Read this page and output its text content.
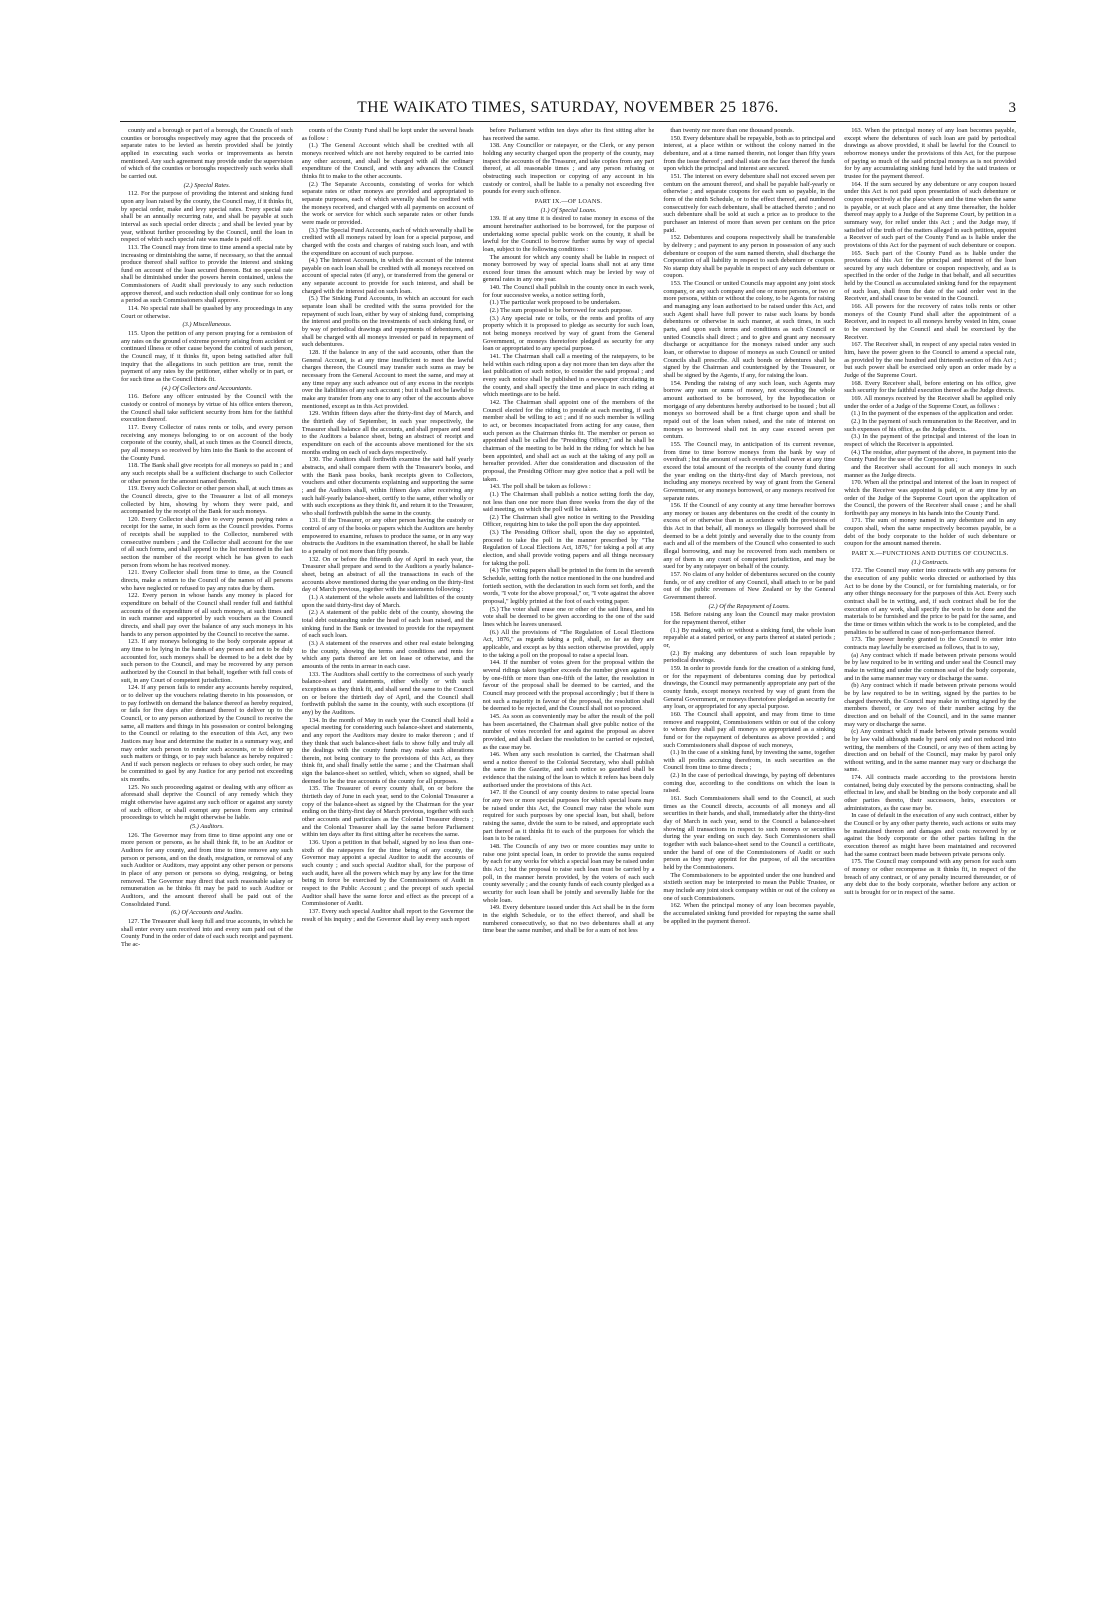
THE WAIKATO TIMES, SATURDAY, NOVEMBER 25 1876.	3

county and a borough or part of a borough, the Councils of such counties or boroughs respectively may agree that the proceeds of separate rates to be levied as herein provided shall be jointly applied in executing such works or improvements as herein mentioned. Any such agreement may provide under the supervision of which of the counties or boroughs respectively such works shall be carried out.

(2.) Special Rates.

112. For the purpose of providing the interest and sinking fund upon any loan raised by the county, the Council may, if it thinks fit, by special order, make and levy special rates. Every special rate shall be an annually recurring rate, and shall be payable at such interval as such special order directs ; and shall be levied year by year, without further proceeding by the Council, until the loan in respect of which such special rate was made is paid off.

113. The Council may from time to time amend a special rate by increasing or diminishing the same, if necessary, so that the annual produce thereof shall suffice to provide the interest and sinking fund on account of the loan secured thereon. But no special rate shall be diminished under the powers herein contained, unless the Commissioners of Audit shall previously to any such reduction approve thereof, and such reduction shall only continue for so long a period as such Commissioners shall approve.

114. No special rate shall be quashed by any proceedings in any Court or otherwise.

(3.) Miscellaneous.

115. Upon the petition of any person praying for a remission of any rates on the ground of extreme poverty arising from accident or continued illness or other cause beyond the control of such person, the Council may, if it thinks fit, upon being satisfied after full inquiry that the allegations in such petition are true, remit the payment of any rates by the petitioner, either wholly or in part, or for such time as the Council think fit.

(4.) Of Collectors and Accountants.

116. Before any officer entrusted by the Council with the custody or control of moneys by virtue of his office enters thereon, the Council shall take sufficient security from him for the faithful execution thereof.

117. Every Collector of rates rents or tolls, and every person receiving any moneys belonging to or on account of the body corporate of the county, shall, at such times as the Council directs, pay all moneys so received by him into the Bank to the account of the County Fund.

118. The Bank shall give receipts for all moneys so paid in ; and any such receipts shall be a sufficient discharge to such Collector or other person for the amount named therein.

119. Every such Collector or other person shall, at such times as the Council directs, give to the Treasurer a list of all moneys collected by him, showing by whom they were paid, and accompanied by the receipt of the Bank for such moneys.

120. Every Collector shall give to every person paying rates a receipt for the same, in such form as the Council provides. Forms of receipts shall be supplied to the Collector, numbered with consecutive numbers ; and the Collector shall account for the use of all such forms, and shall append to the list mentioned in the last section the number of the receipt which he has given to each person from whom he has received money.

121. Every Collector shall from time to time, as the Council directs, make a return to the Council of the names of all persons who have neglected or refused to pay any rates due by them.

122. Every person in whose hands any money is placed for expenditure on behalf of the Council shall render full and faithful accounts of the expenditure of all such moneys, at such times and in such manner and supported by such vouchers as the Council directs, and shall pay over the balance of any such moneys in his hands to any person appointed by the Council to receive the same.

123. If any moneys belonging to the body corporate appear at any time to be lying in the hands of any person and not to be duly accounted for, such moneys shall be deemed to be a debt due by such person to the Council, and may be recovered by any person authorized by the Council in that behalf, together with full costs of suit, in any Court of competent jurisdiction.

124. If any person fails to render any accounts hereby required, or to deliver up the vouchers relating thereto in his possession, or to pay forthwith on demand the balance thereof as hereby required, or fails for five days after demand thereof to deliver up to the Council, or to any person authorized by the Council to receive the same, all matters and things in his possession or control belonging to the Council or relating to the execution of this Act, any two Justices may hear and determine the matter in a summary way, and may order such person to render such accounts, or to deliver up such matters or things, or to pay such balance as hereby required : And if such person neglects or refuses to obey such order, he may be committed to gaol by any Justice for any period not exceeding six months.

125. No such proceeding against or dealing with any officer as aforesaid shall deprive the Council of any remedy which they might otherwise have against any such officer or against any surety of such officer, or shall exempt any person from any criminal proceedings to which he might otherwise be liable.

(5.) Auditors.

126. The Governor may from time to time appoint any one or more person or persons, as he shall think fit, to be an Auditor or Auditors for any county, and from time to time remove any such person or persons, and on the death, resignation, or removal of any such Auditor or Auditors, may appoint any other person or persons in place of any person or persons so dying, resigning, or being removed. The Governor may direct that such reasonable salary or remuneration as he thinks fit may be paid to such Auditor or Auditors, and the amount thereof shall be paid out of the Consolidated Fund.

(6.) Of Accounts and Audits.

127. The Treasurer shall keep full and true accounts, in which he shall enter every sum received into and every sum paid out of the County Fund in the order of date of each such receipt and payment. The ac-

counts of the County Fund shall be kept under the several heads as follow :

(1.) The General Account which shall be credited with all moneys received which are not hereby required to be carried into any other account, and shall be charged with all the ordinary expenditure of the Council, and with any advances the Council thinks fit to make to the other accounts.

(2.) The Separate Accounts, consisting of works for which separate rates or other moneys are provided and appropriated to separate purposes, each of which severally shall be credited with the moneys received, and charged with all payments on account of the work or service for which such separate rates or other funds were made or provided.

(3.) The Special Fund Accounts, each of which severally shall be credited with all moneys raised by loan for a special purpose, and charged with the costs and charges of raising such loan, and with the expenditure on account of such purpose.

(4.) The Interest Accounts, in which the account of the interest payable on each loan shall be credited with all moneys received on account of special rates (if any), or transferred from the general or any separate account to provide for such interest, and shall be charged with the interest paid on such loan.

(5.) The Sinking Fund Accounts, in which an account for each separate loan shall be credited with the sums provided for the repayment of such loan, either by way of sinking fund, comprising the interest and profits on the investments of such sinking fund, or by way of periodical drawings and repayments of debentures, and shall be charged with all moneys invested or paid in repayment of such debentures.

128. If the balance in any of the said accounts, other than the General Account, is at any time insufficient to meet the lawful charges thereon, the Council may transfer such sums as may be necessary from the General Account to meet the same, and may at any time repay any such advance out of any excess in the receipts over the liabilities of any such account ; but it shall not be lawful to make any transfer from any one to any other of the accounts above mentioned, except as in this Act provided.

129. Within fifteen days after the thirty-first day of March, and the thirtieth day of September, in each year respectively, the Treasurer shall balance all the accounts, and shall prepare and send to the Auditors a balance sheet, being an abstract of receipt and expenditure on each of the accounts above mentioned for the six months ending on each of such days respectively.

130. The Auditors shall forthwith examine the said half yearly abstracts, and shall compare them with the Treasurer's books, and with the Bank pass books, bank receipts given to Collectors, vouchers and other documents explaining and supporting the same ; and the Auditors shall, within fifteen days after receiving any such half-yearly balance-sheet, certify to the same, either wholly or with such exceptions as they think fit, and return it to the Treasurer, who shall forthwith publish the same in the county.

131. If the Treasurer, or any other person having the custody or control of any of the books or papers which the Auditors are hereby empowered to examine, refuses to produce the same, or in any way obstructs the Auditors in the examination thereof, he shall be liable to a penalty of not more than fifty pounds.

132. On or before the fifteenth day of April in each year, the Treasurer shall prepare and send to the Auditors a yearly balance-sheet, being an abstract of all the transactions in each of the accounts above mentioned during the year ending on the thirty-first day of March previous, together with the statements following :

(1.) A statement of the whole assets and liabilities of the county upon the said thirty-first day of March.

(2.) A statement of the public debt of the county, showing the total debt outstanding under the head of each loan raised, and the sinking fund in the Bank or invested to provide for the repayment of each such loan.

(3.) A statement of the reserves and other real estate belonging to the county, showing the terms and conditions and rents for which any parts thereof are let on lease or otherwise, and the amounts of the rents in arrear in each case.

133. The Auditors shall certify to the correctness of such yearly balance-sheet and statements, either wholly or with such exceptions as they think fit, and shall send the same to the Council on or before the thirtieth day of April, and the Council shall forthwith publish the same in the county, with such exceptions (if any) by the Auditors.

134. In the month of May in each year the Council shall hold a special meeting for considering such balance-sheet and statements, and any report the Auditors may desire to make thereon ; and if they think that such balance-sheet fails to show fully and truly all the dealings with the county funds may make such alterations therein, not being contrary to the provisions of this Act, as they think fit, and shall finally settle the same ; and the Chairman shall sign the balance-sheet so settled, which, when so signed, shall be deemed to be the true accounts of the county for all purposes.

135. The Treasurer of every county shall, on or before the thirtieth day of June in each year, send to the Colonial Treasurer a copy of the balance-sheet as signed by the Chairman for the year ending on the thirty-first day of March previous, together with such other accounts and particulars as the Colonial Treasurer directs ; and the Colonial Treasurer shall lay the same before Parliament within ten days after its first sitting after he receives the same.

136. Upon a petition in that behalf, signed by no less than one-sixth of the ratepayers for the time being of any county, the Governor may appoint a special Auditor to audit the accounts of such county ; and such special Auditor shall, for the purpose of such audit, have all the powers which may by any law for the time being in force be exercised by the Commissioners of Audit in respect to the Public Account ; and the precept of such special Auditor shall have the same force and effect as the precept of a Commissioner of Audit.

137. Every such special Auditor shall report to the Governor the result of his inquiry ; and the Governor shall lay every such report

before Parliament within ten days after its first sitting after he has received the same.

138. Any Councillor or ratepayer, or the Clerk, or any person holding any security charged upon the property of the county, may inspect the accounts of the Treasurer, and take copies from any part thereof, at all reasonable times ; and any person refusing or obstructing such inspection or copying of any account in his custody or control, shall be liable to a penalty not exceeding five pounds for every such offence.

PART IX.—OF LOANS.

(1.) Of Special Loans.

139. If at any time it is desired to raise money in excess of the amount hereinafter authorised to be borrowed, for the purpose of undertaking some special public work on the county, it shall be lawful for the Council to borrow further sums by way of special loan, subject to the following conditions :

The amount for which any county shall be liable in respect of money borrowed by way of special loans shall not at any time exceed four times the amount which may be levied by way of general rates in any one year.

140. The Council shall publish in the county once in each week, for four successive weeks, a notice setting forth,

(1.) The particular work proposed to be undertaken.

(2.) The sum proposed to be borrowed for such purpose.

(3.) Any special rate or tolls, or the rents and profits of any property which it is proposed to pledge as security for such loan, not being moneys received by way of grant from the General Government, or moneys theretofore pledged as security for any loan or appropriated to any special purpose.

141. The Chairman shall call a meeting of the ratepayers, to be held within each riding upon a day not more than ten days after the last publication of such notice, to consider the said proposal ; and every such notice shall be published in a newspaper circulating in the county, and shall specify the time and place in each riding at which meetings are to be held.

142. The Chairman shall appoint one of the members of the Council elected for the riding to preside at each meeting, if such member shall be willing to act ; and if no such member is willing to act, or becomes incapacitated from acting for any cause, then such person as the Chairman thinks fit. The member or person so appointed shall be called the "Presiding Officer," and he shall be chairman of the meeting to be held in the riding for which he has been appointed, and shall act as such at the taking of any poll as hereafter provided. After due consideration and discussion of the proposal, the Presiding Officer may give notice that a poll will be taken.

143. The poll shall be taken as follows :

(1.) The Chairman shall publish a notice setting forth the day, not less than one nor more than three weeks from the day of the said meeting, on which the poll will be taken.

(2.) The Chairman shall give notice in writing to the Presiding Officer, requiring him to take the poll upon the day appointed.

(3.) The Presiding Officer shall, upon the day so appointed, proceed to take the poll in the manner prescribed by "The Regulation of Local Elections Act, 1876," for taking a poll at any election, and shall provide voting papers and all things necessary for taking the poll.

(4.) The voting papers shall be printed in the form in the seventh Schedule, setting forth the notice mentioned in the one hundred and fortieth section, with the declaration in such form set forth, and the words, "I vote for the above proposal," or, "I vote against the above proposal," legibly printed at the foot of each voting paper.

(5.) The voter shall erase one or other of the said lines, and his vote shall be deemed to be given according to the one of the said lines which he leaves unerased.

(6.) All the provisions of "The Regulation of Local Elections Act, 1876," as regards taking a poll, shall, so far as they are applicable, and except as by this section otherwise provided, apply to the taking a poll on the proposal to raise a special loan.

144. If the number of votes given for the proposal within the several ridings taken together exceeds the number given against it by one-fifth or more than one-fifth of the latter, the resolution in favour of the proposal shall be deemed to be carried, and the Council may proceed with the proposal accordingly ; but if there is not such a majority in favour of the proposal, the resolution shall be deemed to be rejected, and the Council shall not so proceed.

145. As soon as conveniently may be after the result of the poll has been ascertained, the Chairman shall give public notice of the number of votes recorded for and against the proposal as above provided, and shall declare the resolution to be carried or rejected, as the case may be.

146. When any such resolution is carried, the Chairman shall send a notice thereof to the Colonial Secretary, who shall publish the same in the Gazette, and such notice so gazetted shall be evidence that the raising of the loan to which it refers has been duly authorised under the provisions of this Act.

147. If the Council of any county desires to raise special loans for any two or more special purposes for which special loans may be raised under this Act, the Council may raise the whole sum required for such purposes by one special loan, but shall, before raising the same, divide the sum to be raised, and appropriate such part thereof as it thinks fit to each of the purposes for which the loan is to be raised.

148. The Councils of any two or more counties may unite to raise one joint special loan, in order to provide the sums required by each for any works for which a special loan may be raised under this Act ; but the proposal to raise such loan must be carried by a poll, in the manner herein provided, by the voters of each such county severally ; and the county funds of each county pledged as a security for such loan shall be jointly and severally liable for the whole loan.

149. Every debenture issued under this Act shall be in the form in the eighth Schedule, or to the effect thereof, and shall be numbered consecutively, so that no two debentures shall at any time bear the same number, and shall be for a sum of not less

than twenty nor more than one thousand pounds.

150. Every debenture shall be repayable, both as to principal and interest, at a place within or without the colony named in the debenture, and at a time named therein, not longer than fifty years from the issue thereof ; and shall state on the face thereof the funds upon which the principal and interest are secured.

151. The interest on every debenture shall not exceed seven per centum on the amount thereof, and shall be payable half-yearly or otherwise ; and separate coupons for each sum so payable, in the form of the ninth Schedule, or to the effect thereof, and numbered consecutively for each debenture, shall be attached thereto ; and no such debenture shall be sold at such a price as to produce to the purchaser an interest of more than seven per centum on the price paid.

152. Debentures and coupons respectively shall be transferable by delivery ; and payment to any person in possession of any such debenture or coupon of the sum named therein, shall discharge the Corporation of all liability in respect to such debenture or coupon. No stamp duty shall be payable in respect of any such debenture or coupon.

153. The Council or united Councils may appoint any joint stock company, or any such company and one or more persons, or two or more persons, within or without the colony, to be Agents for raising and managing any loan authorised to be raised under this Act, and such Agent shall have full power to raise such loans by bonds debentures or otherwise in such manner, at such times, in such parts, and upon such terms and conditions as such Council or united Councils shall direct ; and to give and grant any necessary discharge or acquittance for the moneys raised under any such loan, or otherwise to dispose of moneys as such Council or united Councils shall prescribe. All such bonds or debentures shall be signed by the Chairman and countersigned by the Treasurer, or shall be signed by the Agents, if any, for raising the loan.

154. Pending the raising of any such loan, such Agents may borrow any sum or sums of money, not exceeding the whole amount authorised to be borrowed, by the hypothecation or mortgage of any debentures hereby authorised to be issued ; but all moneys so borrowed shall be a first charge upon and shall be repaid out of the loan when raised, and the rate of interest on moneys so borrowed shall not in any case exceed seven per centum.

155. The Council may, in anticipation of its current revenue, from time to time borrow moneys from the bank by way of overdraft ; but the amount of such overdraft shall never at any time exceed the total amount of the receipts of the county fund during the year ending on the thirty-first day of March previous, not including any moneys received by way of grant from the General Government, or any moneys borrowed, or any moneys received for separate rates.

156. If the Council of any county at any time hereafter borrows any money or issues any debentures on the credit of the county in excess of or otherwise than in accordance with the provisions of this Act in that behalf, all moneys so illegally borrowed shall be deemed to be a debt jointly and severally due to the county from each and all of the members of the Council who consented to such illegal borrowing, and may be recovered from such members or any of them in any court of competent jurisdiction, and may be sued for by any ratepayer on behalf of the county.

157. No claim of any holder of debentures secured on the county funds, or of any creditor of any Council, shall attach to or be paid out of the public revenues of New Zealand or by the General Government thereof.

(2.) Of the Repayment of Loans.

158. Before raising any loan the Council may make provision for the repayment thereof, either

(1.) By making, with or without a sinking fund, the whole loan repayable at a stated period, or any parts thereof at stated periods ; or,

(2.) By making any debentures of such loan repayable by periodical drawings.

159. In order to provide funds for the creation of a sinking fund, or for the repayment of debentures coming due by periodical drawings, the Council may permanently appropriate any part of the county funds, except moneys received by way of grant from the General Government, or moneys theretofore pledged as security for any loan, or appropriated for any special purpose.

160. The Council shall appoint, and may from time to time remove and reappoint, Commissioners within or out of the colony to whom they shall pay all moneys so appropriated as a sinking fund or for the repayment of debentures as above provided ; and such Commissioners shall dispose of such moneys,

(1.) In the case of a sinking fund, by investing the same, together with all profits accruing therefrom, in such securities as the Council from time to time directs ;

(2.) In the case of periodical drawings, by paying off debentures coming due, according to the conditions on which the loan is raised.

161. Such Commissioners shall send to the Council, at such times as the Council directs, accounts of all moneys and all securities in their hands, and shall, immediately after the thirty-first day of March in each year, send to the Council a balance-sheet showing all transactions in respect to such moneys or securities during the year ending on such day. Such Commissioners shall together with such balance-sheet send to the Council a certificate, under the hand of one of the Commissioners of Audit or such person as they may appoint for the purpose, of all the securities held by the Commissioners.

The Commissioners to be appointed under the one hundred and sixtieth section may be interpreted to mean the Public Trustee, or may include any joint stock company within or out of the colony as one of such Commissioners.

162. When the principal money of any loan becomes payable, the accumulated sinking fund provided for repaying the same shall be applied in the payment thereof.

163. When the principal money of any loan becomes payable, except where the debentures of such loan are paid by periodical drawings as above provided, it shall be lawful for the Council to reborrow moneys under the provisions of this Act, for the purpose of paying so much of the said principal moneys as is not provided for by any accumulating sinking fund held by the said trustees or trustee for the payment thereof.

164. If the sum secured by any debenture or any coupon issued under this Act is not paid upon presentation of such debenture or coupon respectively at the place where and the time when the same is payable, or at such place and at any time thereafter, the holder thereof may apply to a Judge of the Supreme Court, by petition in a summary way, for relief under this Act ; and the Judge may, if satisfied of the truth of the matters alleged in such petition, appoint a Receiver of such part of the County Fund as is liable under the provisions of this Act for the payment of such debenture or coupon.

165. Such part of the County Fund as is liable under the provisions of this Act for the principal and interest of the loan secured by any such debenture or coupon respectively, and as is specified in the order of the Judge in that behalf, and all securities held by the Council as accumulated sinking fund for the repayment of such loan, shall from the date of the said order vest in the Receiver, and shall cease to be vested in the Council.

166. All powers for the recovery of rates tolls rents or other moneys of the County Fund shall after the appointment of a Receiver, and in respect to all moneys hereby vested in him, cease to be exercised by the Council and shall be exercised by the Receiver.

167. The Receiver shall, in respect of any special rates vested in him, have the power given to the Council to amend a special rate, as provided by the one hundred and thirteenth section of this Act ; but such power shall be exercised only upon an order made by a Judge of the Supreme Court.

168. Every Receiver shall, before entering on his office, give such security for the faithful execution thereof as the Judge directs.

169. All moneys received by the Receiver shall be applied only under the order of a Judge of the Supreme Court, as follows :

(1.) In the payment of the expenses of the application and order.

(2.) In the payment of such remuneration to the Receiver, and in such expenses of his office, as the Judge directs.

(3.) In the payment of the principal and interest of the loan in respect of which the Receiver is appointed.

(4.) The residue, after payment of the above, in payment into the County Fund for the use of the Corporation ;

and the Receiver shall account for all such moneys in such manner as the Judge directs.

170. When all the principal and interest of the loan in respect of which the Receiver was appointed is paid, or at any time by an order of the Judge of the Supreme Court upon the application of the Council, the powers of the Receiver shall cease ; and he shall forthwith pay any moneys in his hands into the County Fund.

171. The sum of money named in any debenture and in any coupon shall, when the same respectively becomes payable, be a debt of the body corporate to the holder of such debenture or coupon for the amount named therein.

PART X.—FUNCTIONS AND DUTIES OF COUNCILS.

(1.) Contracts.

172. The Council may enter into contracts with any persons for the execution of any public works directed or authorised by this Act to be done by the Council, or for furnishing materials, or for any other things necessary for the purposes of this Act. Every such contract shall be in writing, and, if such contract shall be for the execution of any work, shall specify the work to be done and the materials to be furnished and the price to be paid for the same, and the time or times within which the work is to be completed, and the penalties to be suffered in case of non-performance thereof.

173. The power hereby granted to the Council to enter into contracts may lawfully be exercised as follows, that is to say,

(a) Any contract which if made between private persons would be by law required to be in writing and under seal the Council may make in writing and under the common seal of the body corporate, and in the same manner may vary or discharge the same.

(b) Any contract which if made between private persons would be by law required to be in writing, signed by the parties to be charged therewith, the Council may make in writing signed by the members thereof, or any two of their number acting by the direction and on behalf of the Council, and in the same manner may vary or discharge the same.

(c) Any contract which if made between private persons would be by law valid although made by parol only and not reduced into writing, the members of the Council, or any two of them acting by direction and on behalf of the Council, may make by parol only without writing, and in the same manner may vary or discharge the same.

174. All contracts made according to the provisions herein contained, being duly executed by the persons contracting, shall be effectual in law, and shall be binding on the body corporate and all other parties thereto, their successors, heirs, executors or administrators, as the case may be.

In case of default in the execution of any such contract, either by the Council or by any other party thereto, such actions or suits may be maintained thereon and damages and costs recovered by or against the body corporate or the other parties failing in the execution thereof as might have been maintained and recovered had the same contract been made between private persons only.

175. The Council may compound with any person for such sum of money or other recompense as it thinks fit, in respect of the breach of any contract, or of any penalty incurred thereunder, or of any debt due to the body corporate, whether before any action or suit is brought for or in respect of the same.
